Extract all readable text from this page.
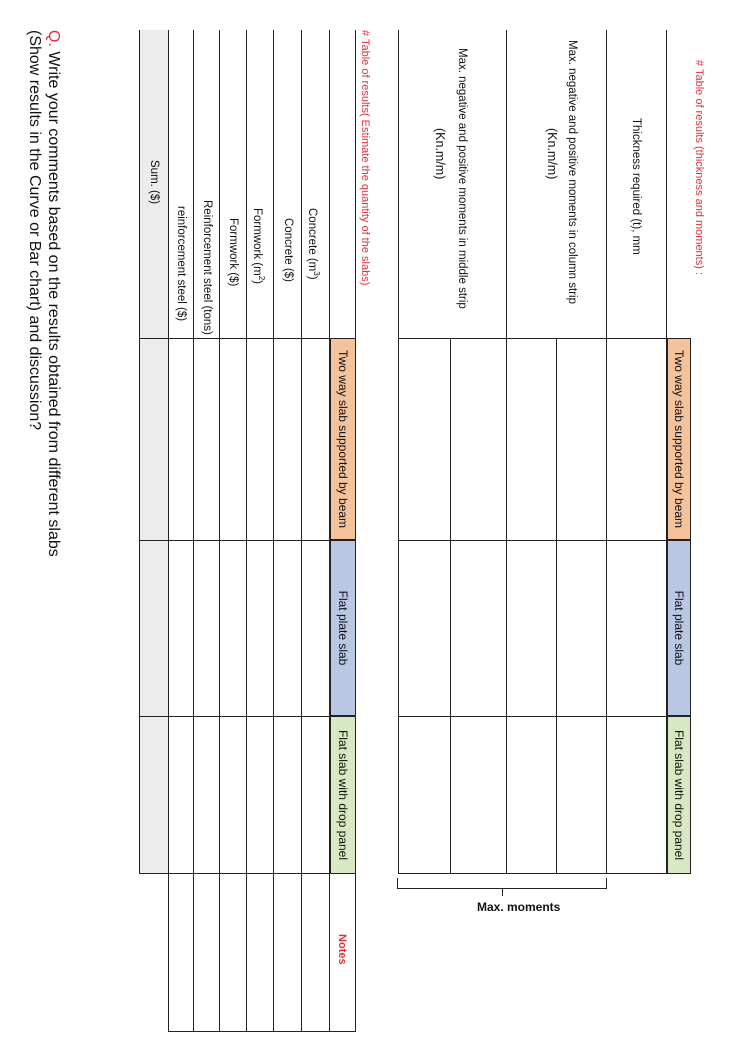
# Table of results (thickness and moments) :
Two way slab supported by beam
Flat plate slab
Flat slab with drop panel
Thickness required (t), mm
Max. negative and positive moments in column strip
(Kn.m/m)
Max. negative and positive moments in middle strip
(Kn.m/m)
Max. moments
# Table of results( Estimate the quantity of the slabs)
Two way slab supported by beam
Flat plate slab
Flat slab with drop panel
Notes
Concrete $(m^3)$
Concrete ($)
Formwork $(m^2)$
Formwork ($)
Reinforcement steel (tons)
reinforcement steel ($)
Sum. ($)
Q. Write your comments based on the results obtained from different slabs
(Show results in the Curve or Bar chart) and discussion?
